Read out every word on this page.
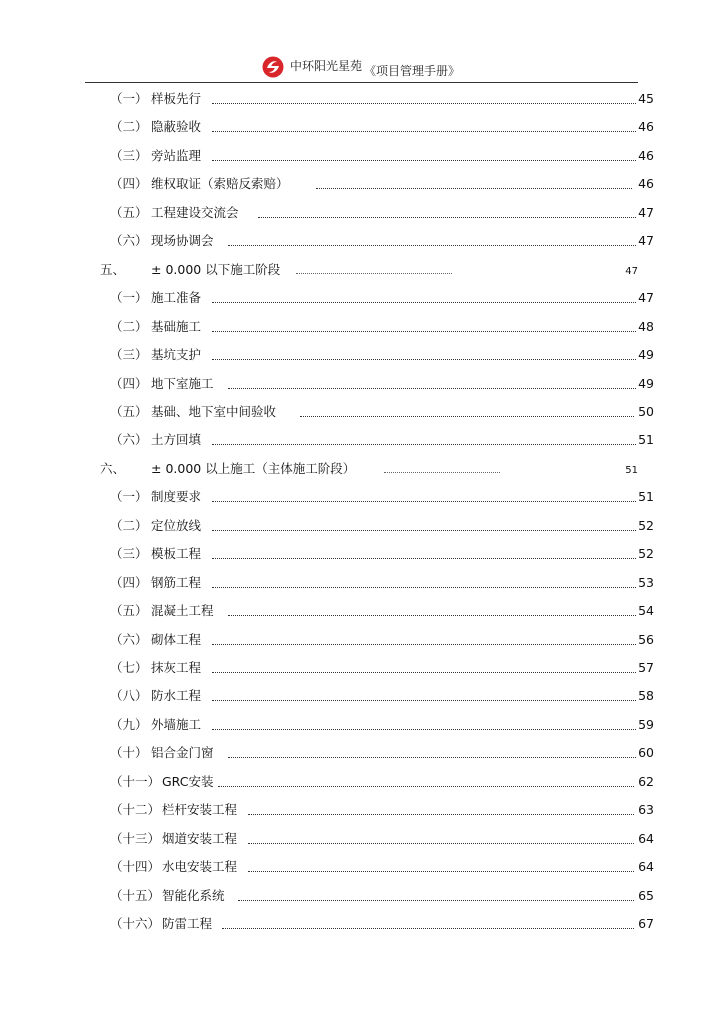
中环阳光星苑 《项目管理手册》
（一） 样板先行	45
（二） 隐蔽验收	46
（三） 旁站监理	46
（四） 维权取证（索赔反索赔）	46
（五） 工程建设交流会	47
（六） 现场协调会	47
五、 ± 0.000 以下施工阶段	47
（一） 施工准备	47
（二） 基础施工	48
（三） 基坑支护	49
（四） 地下室施工	49
（五） 基础、地下室中间验收	50
（六） 土方回填	51
六、 ± 0.000 以上施工（主体施工阶段）	51
（一） 制度要求	51
（二） 定位放线	52
（三） 模板工程	52
（四） 钢筋工程	53
（五） 混凝土工程	54
（六） 砌体工程	56
（七） 抹灰工程	57
（八） 防水工程	58
（九） 外墙施工	59
（十） 铝合金门窗	60
（十一） GRC安装	62
（十二） 栏杆安装工程	63
（十三） 烟道安装工程	64
（十四） 水电安装工程	64
（十五） 智能化系统	65
（十六） 防雷工程	67
